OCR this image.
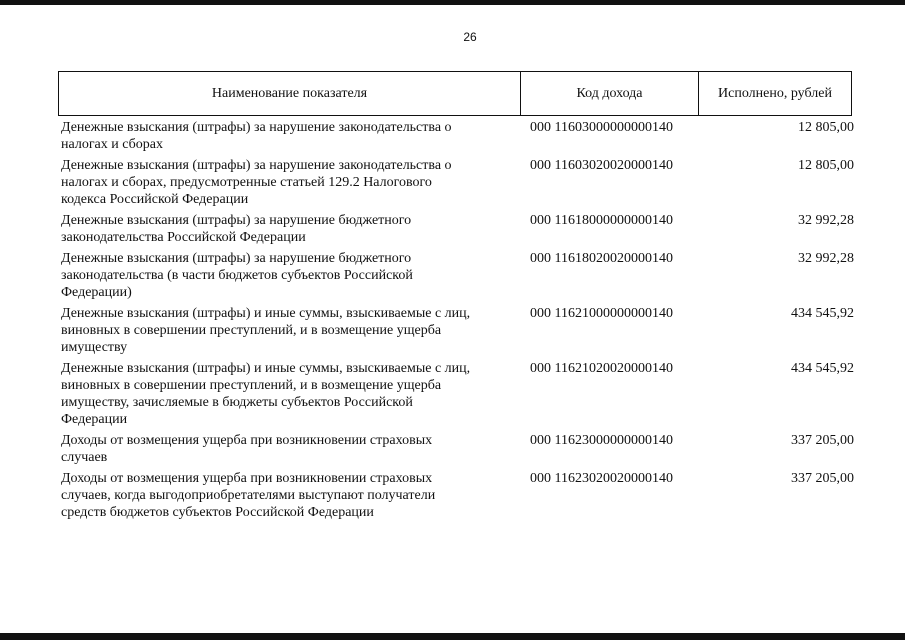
26
Наименование показателя	Код дохода	Исполнено, рублей
Денежные взыскания (штрафы) за нарушение законодательства о
налогах и сборах
000 11603000000000140	12 805,00
Денежные взыскания (штрафы) за нарушение законодательства о
налогах и сборах, предусмотренные статьей 129.2 Налогового
кодекса Российской Федерации
000 11603020020000140	12 805,00
Денежные взыскания (штрафы) за нарушение бюджетного
законодательства Российской Федерации
000 11618000000000140	32 992,28
Денежные взыскания (штрафы) за нарушение бюджетного
законодательства (в части бюджетов субъектов Российской
Федерации)
000 11618020020000140	32 992,28
Денежные взыскания (штрафы) и иные суммы, взыскиваемые с лиц,
виновных в совершении преступлений, и в возмещение ущерба
имуществу
000 11621000000000140	434 545,92
Денежные взыскания (штрафы) и иные суммы, взыскиваемые с лиц,
виновных в совершении преступлений, и в возмещение ущерба
имуществу, зачисляемые в бюджеты субъектов Российской
Федерации
000 11621020020000140	434 545,92
Доходы от возмещения ущерба при возникновении страховых
случаев
000 11623000000000140	337 205,00
Доходы от возмещения ущерба при возникновении страховых
случаев, когда выгодоприобретателями выступают получатели
средств бюджетов субъектов Российской Федерации
000 11623020020000140	337 205,00
